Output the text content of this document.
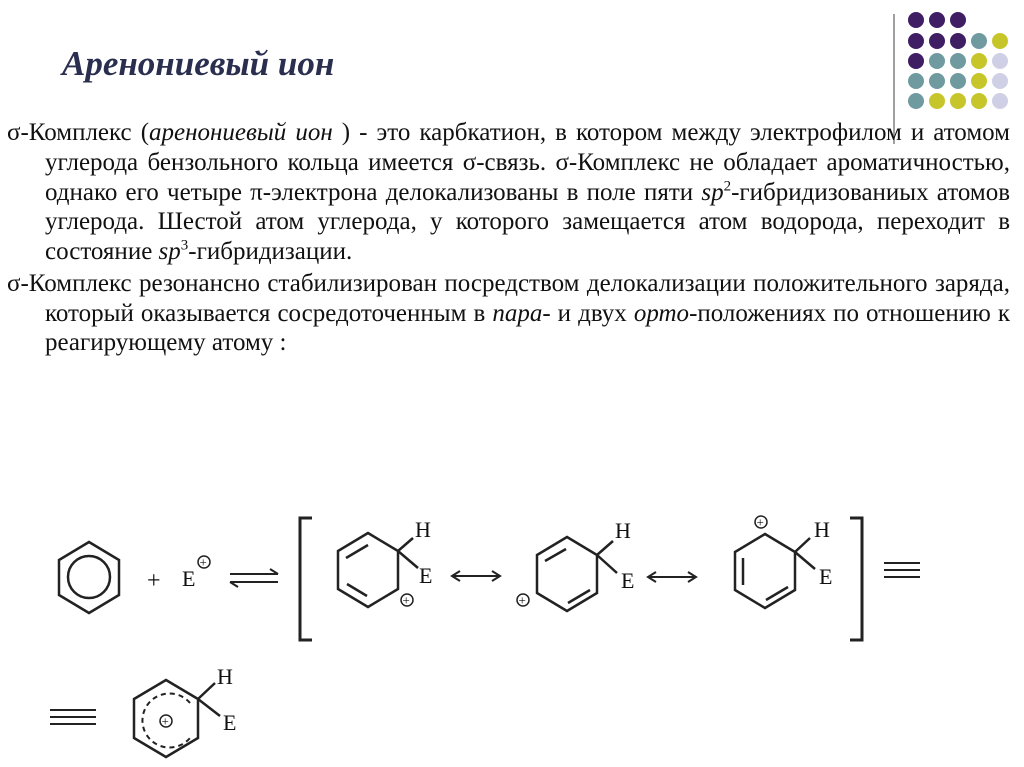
Аренониевый ион

σ-Комплекс (аренониевый ион ) - это карбкатион, в котором между электрофилом и атомом углерода бензольного кольца имеется σ-связь. σ-Комплекс не обладает ароматичностью, однако его четыре π-электрона делокализованы в поле пяти $sp^2$-гибридизованиых атомов углерода. Шестой атом углерода, у которого замещается атом водорода, переходит в состояние $sp^3$-гибридизации.

σ-Комплекс резонансно стабилизирован посредством делокализации положительного заряда, который оказывается сосредоточенным в пара- и двух орто-положениях по отношению к реагирующему атому :

+ E
+
+
H
E
+
H
E
+ H
E
+
H
E
